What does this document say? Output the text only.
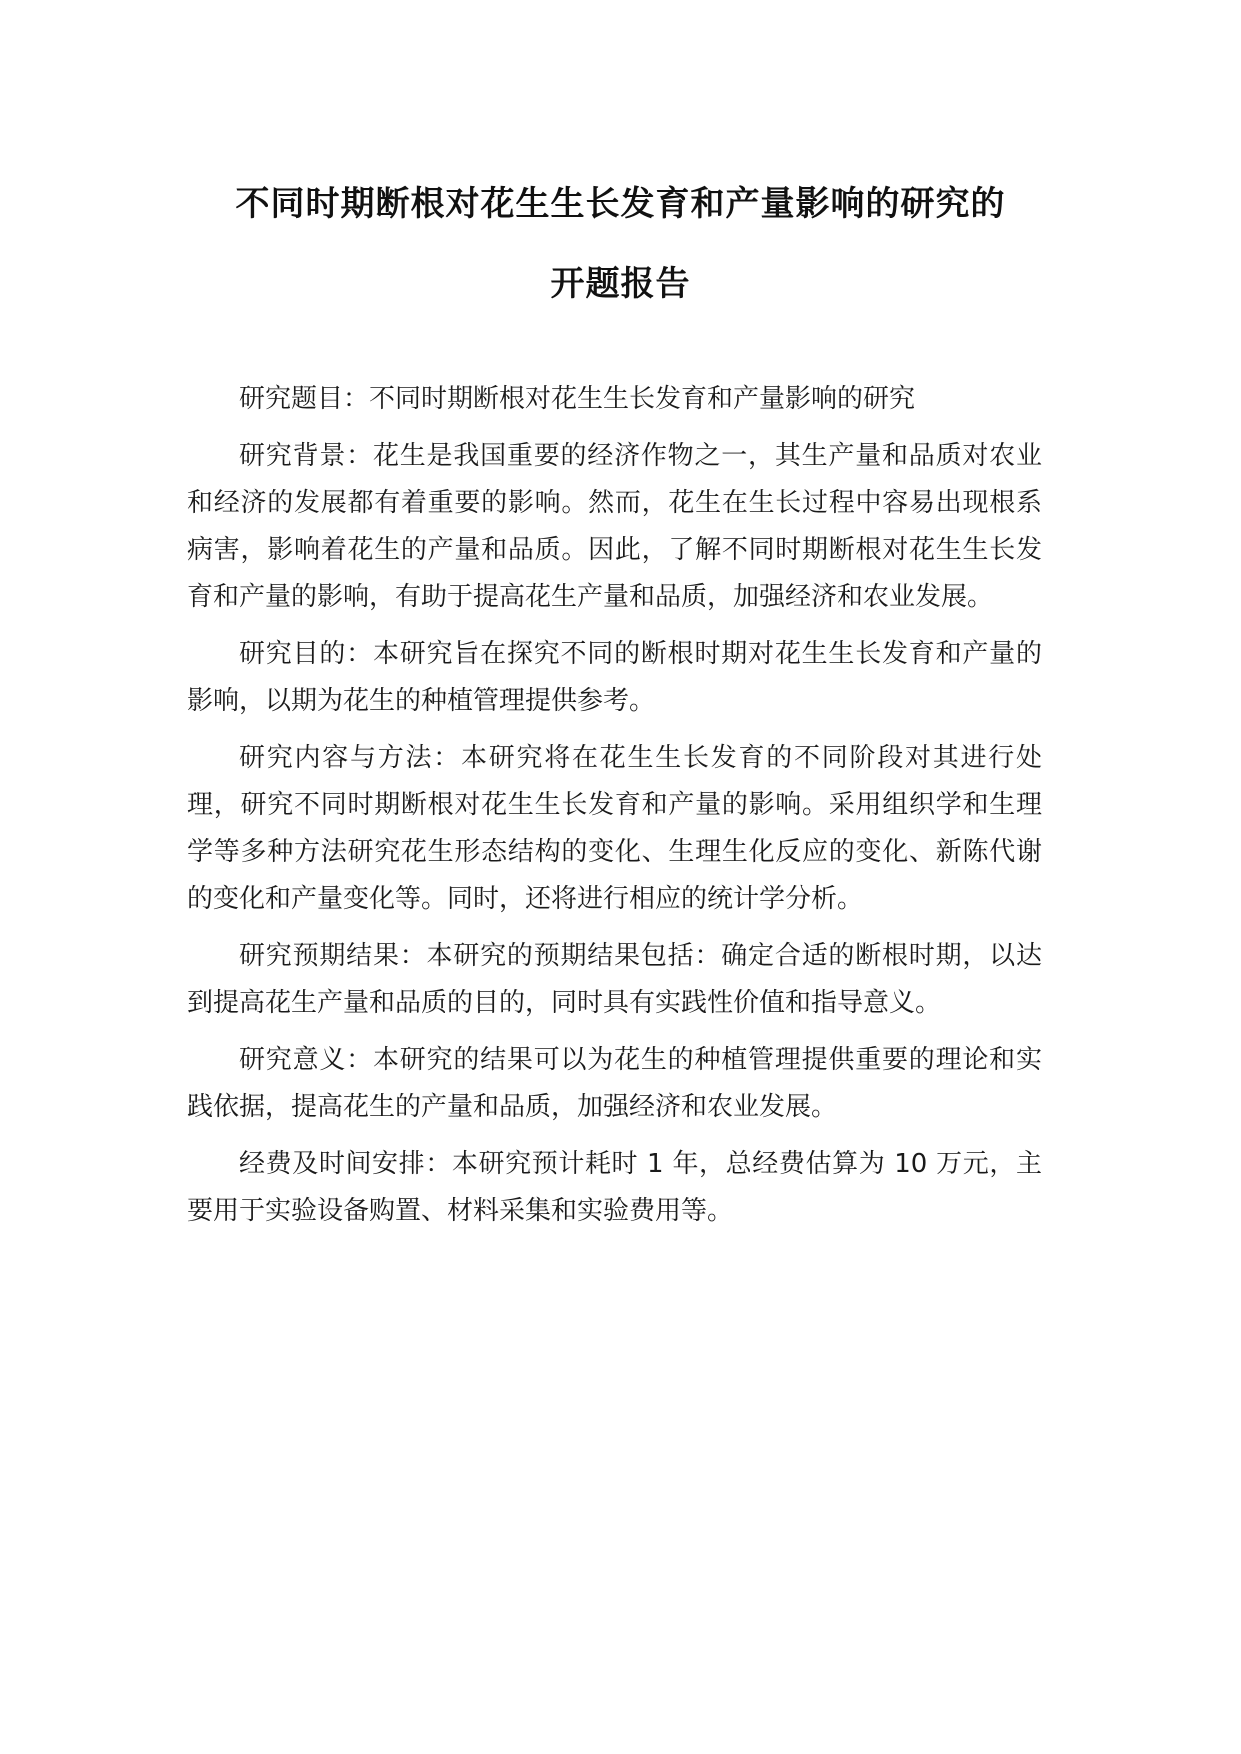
不同时期断根对花生生长发育和产量影响的研究的
开题报告

研究题目：不同时期断根对花生生长发育和产量影响的研究

研究背景：花生是我国重要的经济作物之一，其生产量和品质对农业和经济的发展都有着重要的影响。然而，花生在生长过程中容易出现根系病害，影响着花生的产量和品质。因此，了解不同时期断根对花生生长发育和产量的影响，有助于提高花生产量和品质，加强经济和农业发展。

研究目的：本研究旨在探究不同的断根时期对花生生长发育和产量的影响，以期为花生的种植管理提供参考。

研究内容与方法：本研究将在花生生长发育的不同阶段对其进行处理，研究不同时期断根对花生生长发育和产量的影响。采用组织学和生理学等多种方法研究花生形态结构的变化、生理生化反应的变化、新陈代谢的变化和产量变化等。同时，还将进行相应的统计学分析。

研究预期结果：本研究的预期结果包括：确定合适的断根时期，以达到提高花生产量和品质的目的，同时具有实践性价值和指导意义。

研究意义：本研究的结果可以为花生的种植管理提供重要的理论和实践依据，提高花生的产量和品质，加强经济和农业发展。

经费及时间安排：本研究预计耗时 1 年，总经费估算为 10 万元，主要用于实验设备购置、材料采集和实验费用等。
